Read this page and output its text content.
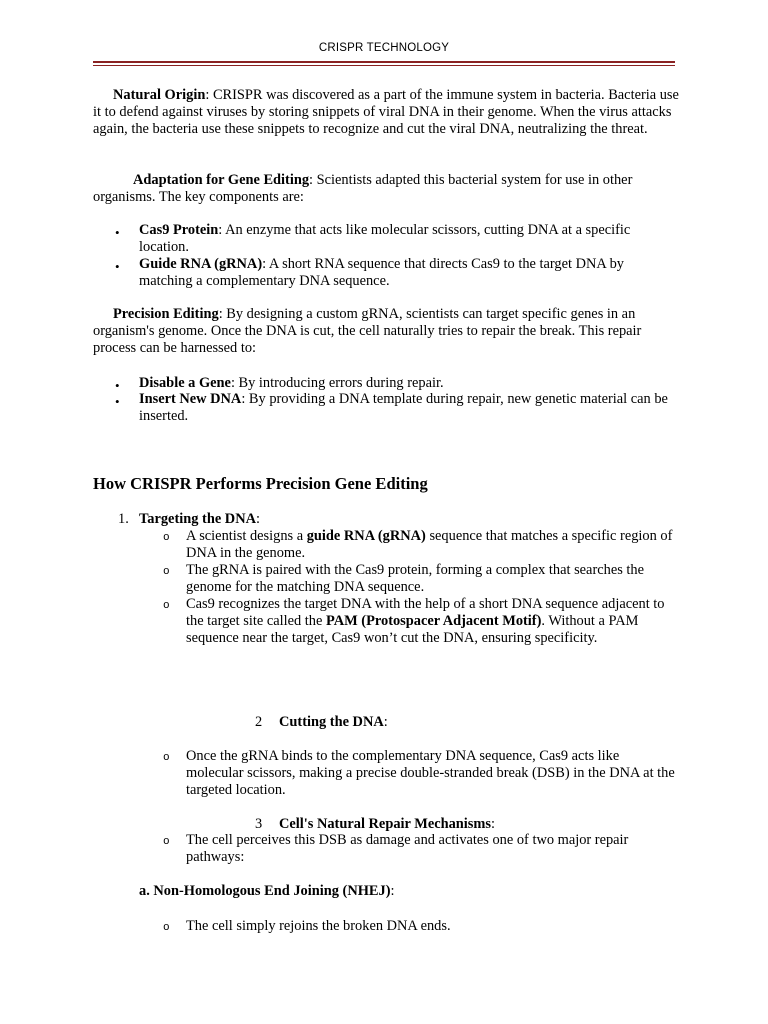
CRISPR TECHNOLOGY
Natural Origin: CRISPR was discovered as a part of the immune system in bacteria. Bacteria use it to defend against viruses by storing snippets of viral DNA in their genome. When the virus attacks again, the bacteria use these snippets to recognize and cut the viral DNA, neutralizing the threat.
Adaptation for Gene Editing: Scientists adapted this bacterial system for use in other organisms. The key components are:
• Cas9 Protein: An enzyme that acts like molecular scissors, cutting DNA at a specific location.
• Guide RNA (gRNA): A short RNA sequence that directs Cas9 to the target DNA by matching a complementary DNA sequence.
Precision Editing: By designing a custom gRNA, scientists can target specific genes in an organism's genome. Once the DNA is cut, the cell naturally tries to repair the break. This repair process can be harnessed to:
• Disable a Gene: By introducing errors during repair.
• Insert New DNA: By providing a DNA template during repair, new genetic material can be inserted.
How CRISPR Performs Precision Gene Editing
1. Targeting the DNA:
o A scientist designs a guide RNA (gRNA) sequence that matches a specific region of DNA in the genome.
o The gRNA is paired with the Cas9 protein, forming a complex that searches the genome for the matching DNA sequence.
o Cas9 recognizes the target DNA with the help of a short DNA sequence adjacent to the target site called the PAM (Protospacer Adjacent Motif). Without a PAM sequence near the target, Cas9 won’t cut the DNA, ensuring specificity.
2	Cutting the DNA:
o Once the gRNA binds to the complementary DNA sequence, Cas9 acts like molecular scissors, making a precise double-stranded break (DSB) in the DNA at the targeted location.
3	Cell's Natural Repair Mechanisms:
o The cell perceives this DSB as damage and activates one of two major repair pathways:
a. Non-Homologous End Joining (NHEJ):
o The cell simply rejoins the broken DNA ends.
